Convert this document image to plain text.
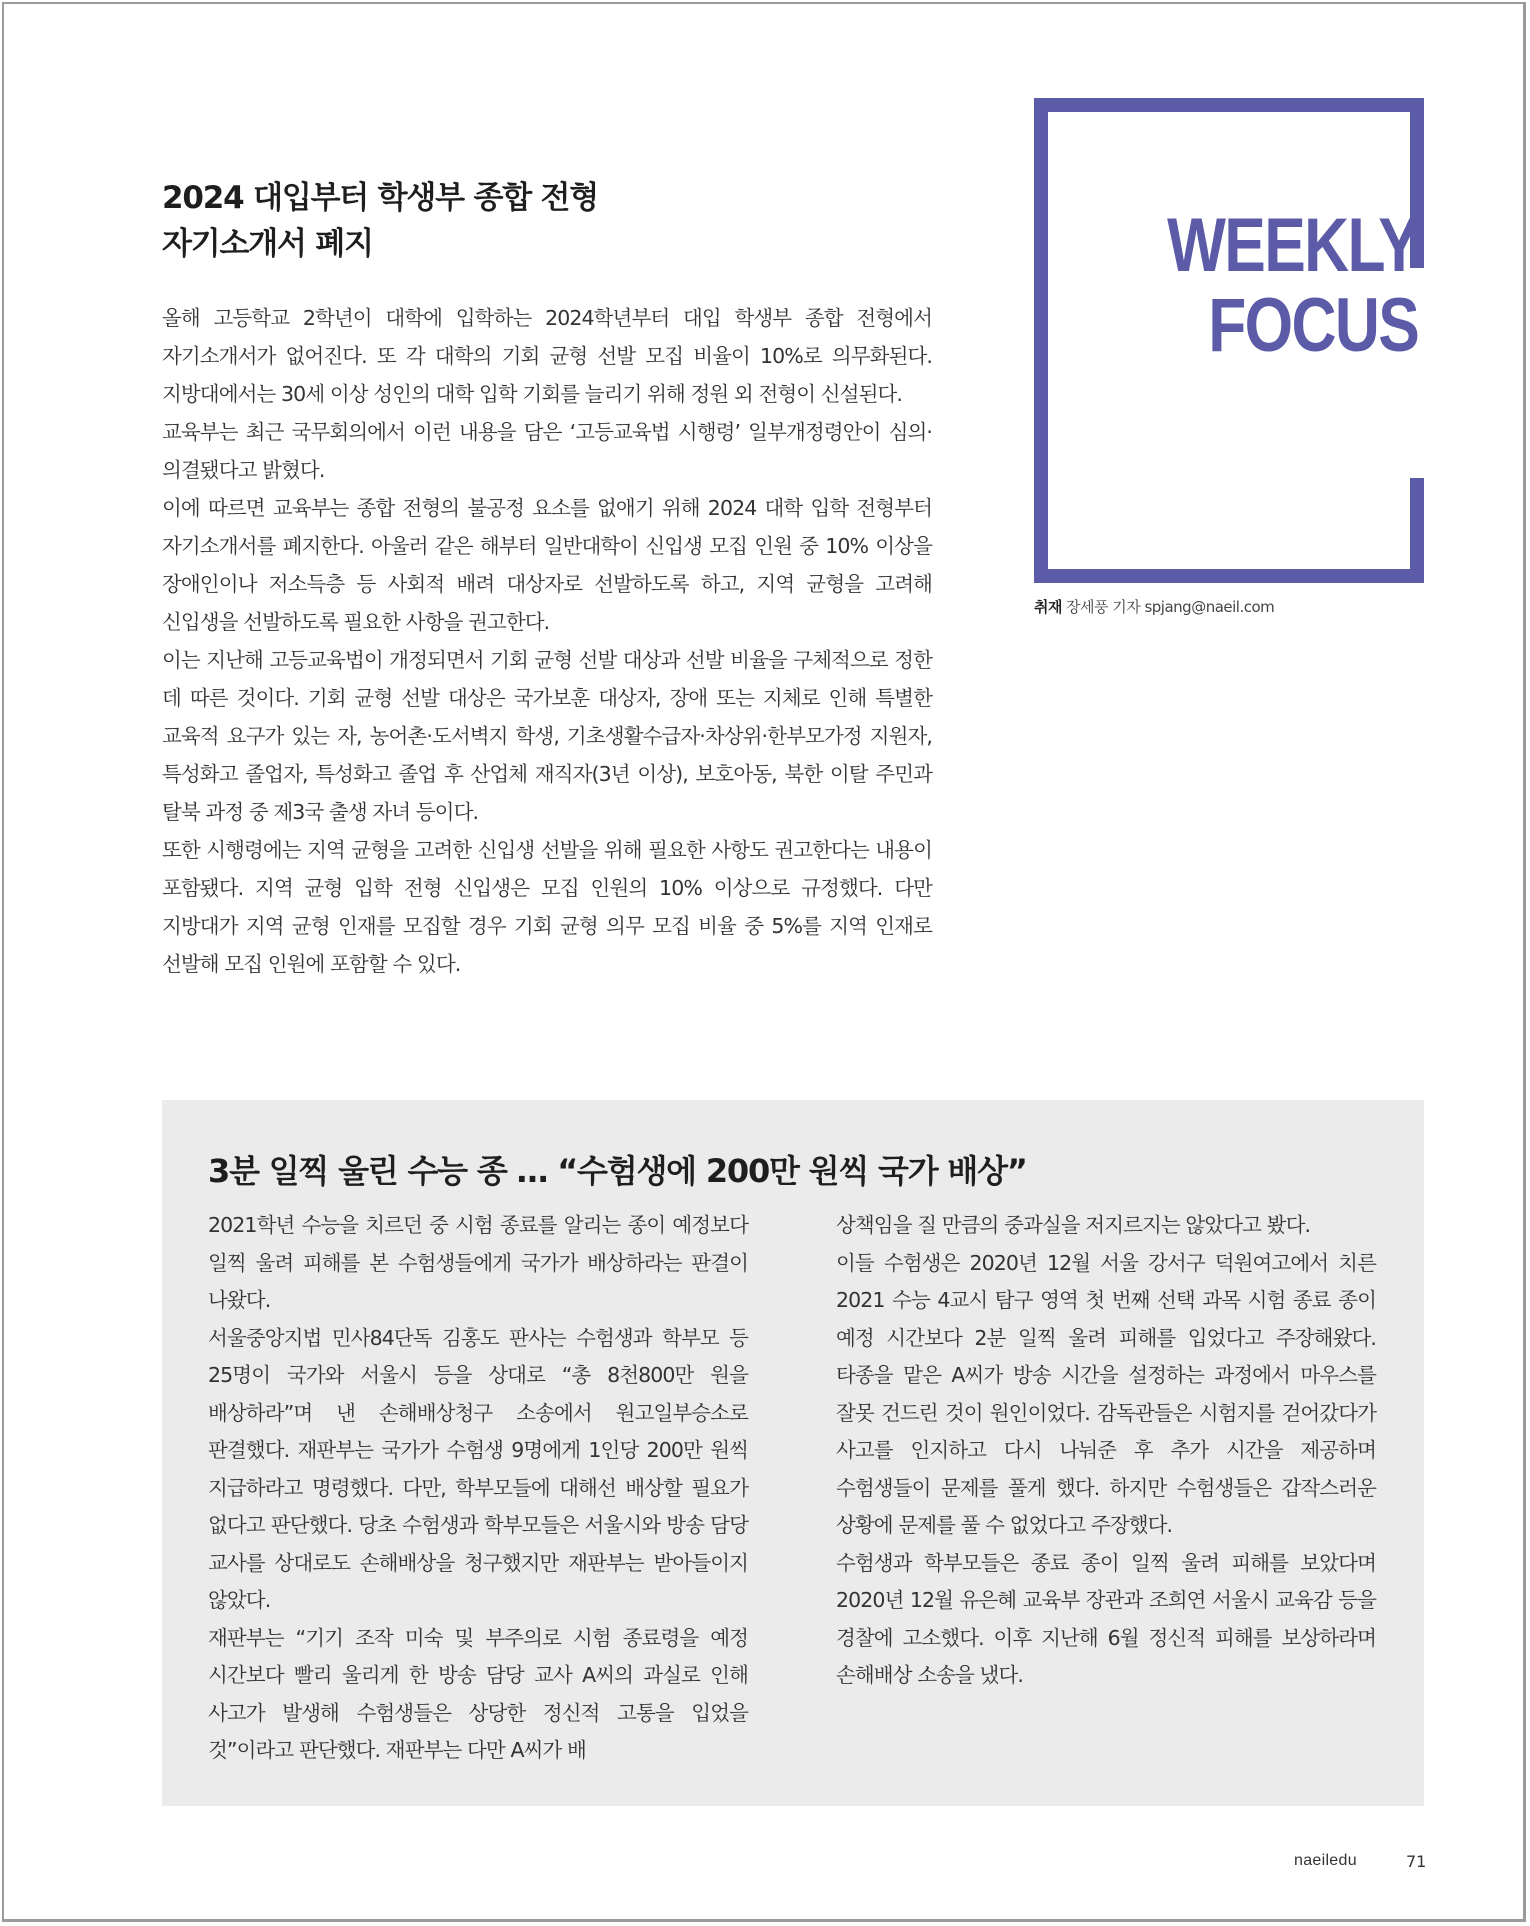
2024 대입부터 학생부 종합 전형
자기소개서 폐지

올해 고등학교 2학년이 대학에 입학하는 2024학년부터 대입 학생부 종합 전형에서 자기소개서가 없어진다. 또 각 대학의 기회 균형 선발 모집 비율이 10%로 의무화된다. 지방대에서는 30세 이상 성인의 대학 입학 기회를 늘리기 위해 정원 외 전형이 신설된다.

교육부는 최근 국무회의에서 이런 내용을 담은 ‘고등교육법 시행령’ 일부개정령안이 심의·의결됐다고 밝혔다.

이에 따르면 교육부는 종합 전형의 불공정 요소를 없애기 위해 2024 대학 입학 전형부터 자기소개서를 폐지한다. 아울러 같은 해부터 일반대학이 신입생 모집 인원 중 10% 이상을 장애인이나 저소득층 등 사회적 배려 대상자로 선발하도록 하고, 지역 균형을 고려해 신입생을 선발하도록 필요한 사항을 권고한다.

이는 지난해 고등교육법이 개정되면서 기회 균형 선발 대상과 선발 비율을 구체적으로 정한 데 따른 것이다. 기회 균형 선발 대상은 국가보훈 대상자, 장애 또는 지체로 인해 특별한 교육적 요구가 있는 자, 농어촌·도서벽지 학생, 기초생활수급자·차상위·한부모가정 지원자, 특성화고 졸업자, 특성화고 졸업 후 산업체 재직자(3년 이상), 보호아동, 북한 이탈 주민과 탈북 과정 중 제3국 출생 자녀 등이다.

또한 시행령에는 지역 균형을 고려한 신입생 선발을 위해 필요한 사항도 권고한다는 내용이 포함됐다. 지역 균형 입학 전형 신입생은 모집 인원의 10% 이상으로 규정했다. 다만 지방대가 지역 균형 인재를 모집할 경우 기회 균형 의무 모집 비율 중 5%를 지역 인재로 선발해 모집 인원에 포함할 수 있다.

WEEKLY
FOCUS
취재 장세풍 기자 spjang@naeil.com
3분 일찍 울린 수능 종 … “수험생에 200만 원씩 국가 배상”

2021학년 수능을 치르던 중 시험 종료를 알리는 종이 예정보다 일찍 울려 피해를 본 수험생들에게 국가가 배상하라는 판결이 나왔다.

서울중앙지법 민사84단독 김홍도 판사는 수험생과 학부모 등 25명이 국가와 서울시 등을 상대로 “총 8천800만 원을 배상하라”며 낸 손해배상청구 소송에서 원고일부승소로 판결했다. 재판부는 국가가 수험생 9명에게 1인당 200만 원씩 지급하라고 명령했다. 다만, 학부모들에 대해선 배상할 필요가 없다고 판단했다. 당초 수험생과 학부모들은 서울시와 방송 담당 교사를 상대로도 손해배상을 청구했지만 재판부는 받아들이지 않았다.

재판부는 “기기 조작 미숙 및 부주의로 시험 종료령을 예정 시간보다 빨리 울리게 한 방송 담당 교사 A씨의 과실로 인해 사고가 발생해 수험생들은 상당한 정신적 고통을 입었을 것”이라고 판단했다. 재판부는 다만 A씨가 배

상책임을 질 만큼의 중과실을 저지르지는 않았다고 봤다.

이들 수험생은 2020년 12월 서울 강서구 덕원여고에서 치른 2021 수능 4교시 탐구 영역 첫 번째 선택 과목 시험 종료 종이 예정 시간보다 2분 일찍 울려 피해를 입었다고 주장해왔다. 타종을 맡은 A씨가 방송 시간을 설정하는 과정에서 마우스를 잘못 건드린 것이 원인이었다. 감독관들은 시험지를 걷어갔다가 사고를 인지하고 다시 나눠준 후 추가 시간을 제공하며 수험생들이 문제를 풀게 했다. 하지만 수험생들은 갑작스러운 상황에 문제를 풀 수 없었다고 주장했다.

수험생과 학부모들은 종료 종이 일찍 울려 피해를 보았다며 2020년 12월 유은혜 교육부 장관과 조희연 서울시 교육감 등을 경찰에 고소했다. 이후 지난해 6월 정신적 피해를 보상하라며 손해배상 소송을 냈다.

naeiledu	71
